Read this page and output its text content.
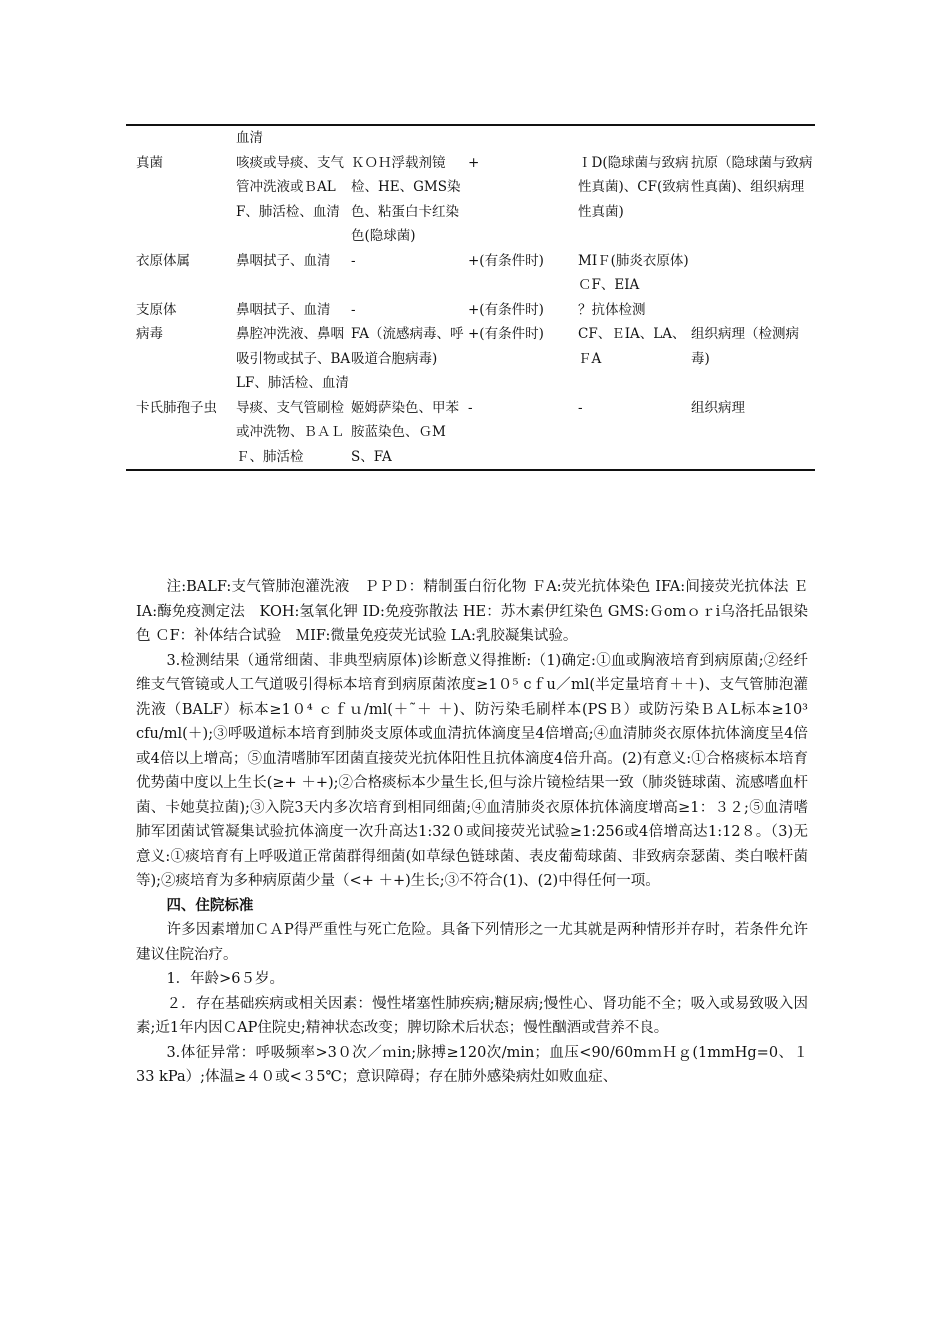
	血清				
真菌	咳痰或导痰、支气管冲洗液或ＢALF、肺活检、血清	ＫＯＨ浮载剂镜检、HE、GMS染色、粘蛋白卡红染色(隐球菌)	+	ＩD(隐球菌与致病性真菌)、CF(致病性真菌)	抗原（隐球菌与致病性真菌)、组织病理
衣原体属	鼻咽拭子、血清	-	+(有条件时)	MIＦ(肺炎衣原体)ＣF、EIA	
支原体	鼻咽拭子、血清	-	+(有条件时)	？抗体检测	
病毒	鼻腔冲洗液、鼻咽吸引物或拭子、BALF、肺活检、血清	FA（流感病毒、呼吸道合胞病毒)	+(有条件时)	CF、ＥIA、LA、ＦA	组织病理（检测病毒)
卡氏肺孢子虫	导痰、支气管刷检或冲洗物、ＢＡＬＦ、肺活检	姬姆萨染色、甲苯胺蓝染色、ＧMS、FA	-	-	组织病理

注:BALF:支气管肺泡灌洗液　ＰＰＤ：精制蛋白衍化物 ＦA:荧光抗体染色 IFA:间接荧光抗体法 ＥIA:酶免疫测定法　KOH:氢氧化钾 ID:免疫弥散法 HE：苏木素伊红染色 GMS:Ｇomｏｒi乌洛托品银染色 ＣF：补体结合试验　ＭIF:微量免疫荧光试验 LA:乳胶凝集试验。

3.检测结果（通常细菌、非典型病原体)诊断意义得推断:（1)确定:①血或胸液培育到病原菌;②经纤维支气管镜或人工气道吸引得标本培育到病原菌浓度≥1０⁵ cｆu／ml(半定量培育＋＋)、支气管肺泡灌洗液（BALF）标本≥1０⁴ ｃｆｕ/ml(＋˜＋ ＋)、防污染毛刷样本(PSＢ）或防污染ＢＡL标本≥10³ cfu/ml(＋);③呼吸道标本培育到肺炎支原体或血清抗体滴度呈4倍增高;④血清肺炎衣原体抗体滴度呈4倍或4倍以上增高；⑤血清嗜肺军团菌直接荧光抗体阳性且抗体滴度4倍升高。(2)有意义:①合格痰标本培育优势菌中度以上生长(≥+ ＋+);②合格痰标本少量生长,但与涂片镜检结果一致（肺炎链球菌、流感嗜血杆菌、卡她莫拉菌);③入院3天内多次培育到相同细菌;④血清肺炎衣原体抗体滴度增高≥1：３２;⑤血清嗜肺军团菌试管凝集试验抗体滴度一次升高达1:32０或间接荧光试验≥1:256或4倍增高达1:12８。（3)无意义:①痰培育有上呼吸道正常菌群得细菌(如草绿色链球菌、表皮葡萄球菌、非致病奈瑟菌、类白喉杆菌等);②痰培育为多种病原菌少量（<+ ＋+)生长;③不符合(1)、(2)中得任何一项。

四、住院标准

许多因素增加ＣＡP得严重性与死亡危险。具备下列情形之一尤其就是两种情形并存时，若条件允许建议住院治疗。

1．年龄>6５岁。

２．存在基础疾病或相关因素：慢性堵塞性肺疾病;糖尿病;慢性心、肾功能不全；吸入或易致吸入因素;近1年内因ＣAP住院史;精神状态改变；脾切除术后状态；慢性酗酒或营养不良。

3.体征异常：呼吸频率>3０次／ｍin;脉搏≥120次/min；血压<90/60mｍＨｇ(1mmHg=0、１33 kPa）;体温≥４０或<３5℃；意识障碍；存在肺外感染病灶如败血症、
